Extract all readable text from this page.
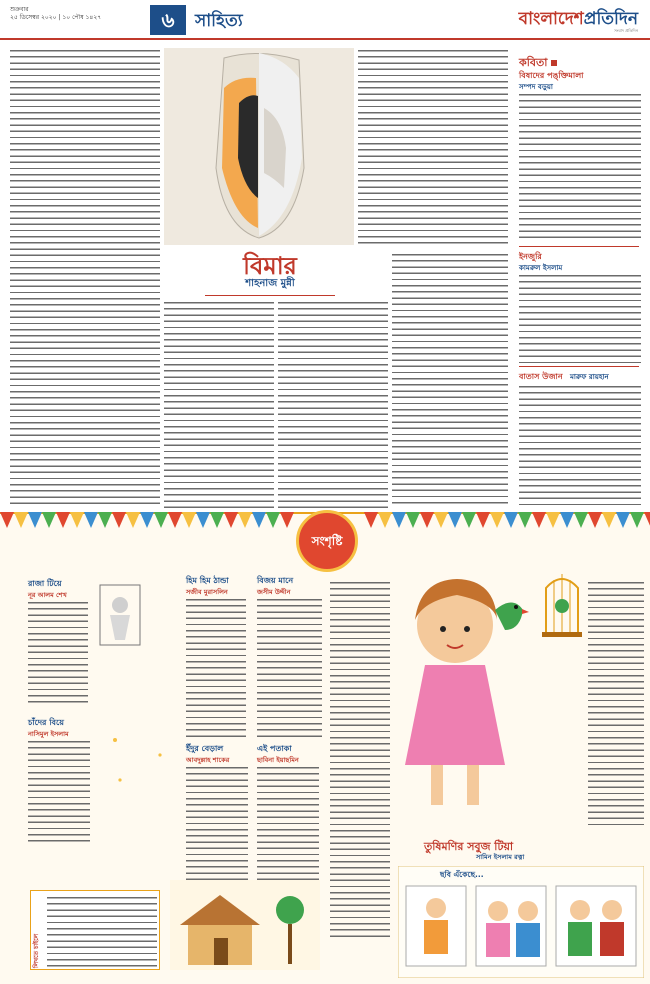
শুক্রবার
২৫ ডিসেম্বর ২০২০ | ১০ পৌষ ১৪২৭	৬	সাহিত্য	বাংলাদেশপ্রতিদিন
সংবাদ প্রতিদিন
বিমার
শাহনাজ মুন্নী
কবিতা
বিষাদের পঙ্‌ক্তিমালা
সম্পদ বড়ুয়া
ইনজুরি
কামরুল ইসলাম
বাতাস উজান মারুফ রায়হান
সংশৃষ্টি
রাজা টিয়ে
নূর আলম শেখ
হিম হিম ঠান্ডা
সজীব মুরাসলিন
বিজয় মানে
জসীম উদ্দীন
চাঁদের বিয়ে
নাসিমুল ইসলাম
ইঁদুর বেড়াল
আবদুল্লাহ শাকের
এই পতাকা
ছাবিনা ইয়াছমিন
তুষিমণির সবুজ টিয়া
সামিন ইসলাম রত্না
ছবি এঁকেছে...
লিখতে চাইলে
